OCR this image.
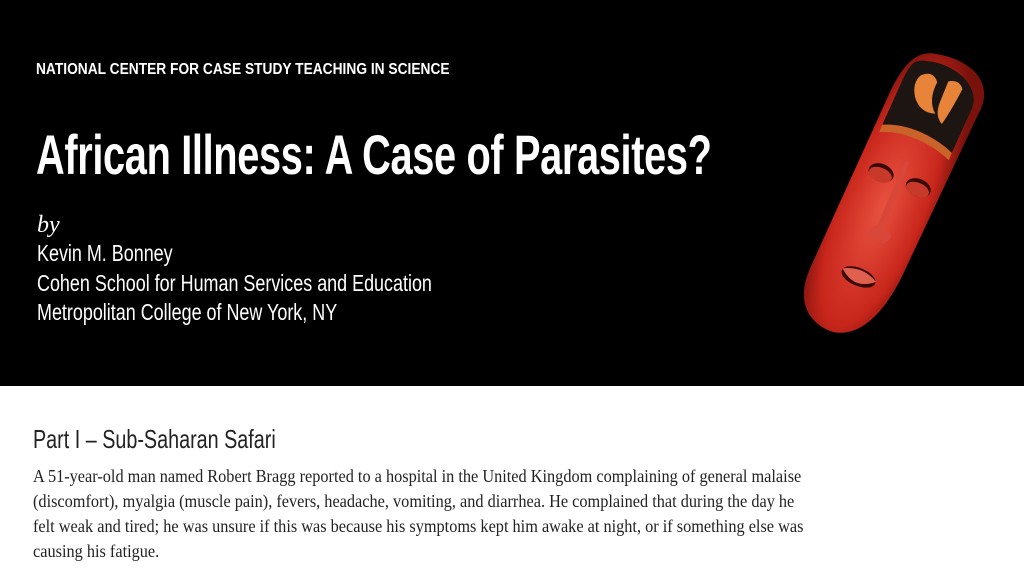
NATIONAL CENTER FOR CASE STUDY TEACHING IN SCIENCE
African Illness: A Case of Parasites?
by
Kevin M. Bonney
Cohen School for Human Services and Education
Metropolitan College of New York, NY
Part I – Sub-Saharan Safari
A 51-year-old man named Robert Bragg reported to a hospital in the United Kingdom complaining of general malaise
(discomfort), myalgia (muscle pain), fevers, headache, vomiting, and diarrhea. He complained that during the day he
felt weak and tired; he was unsure if this was because his symptoms kept him awake at night, or if something else was
causing his fatigue.
